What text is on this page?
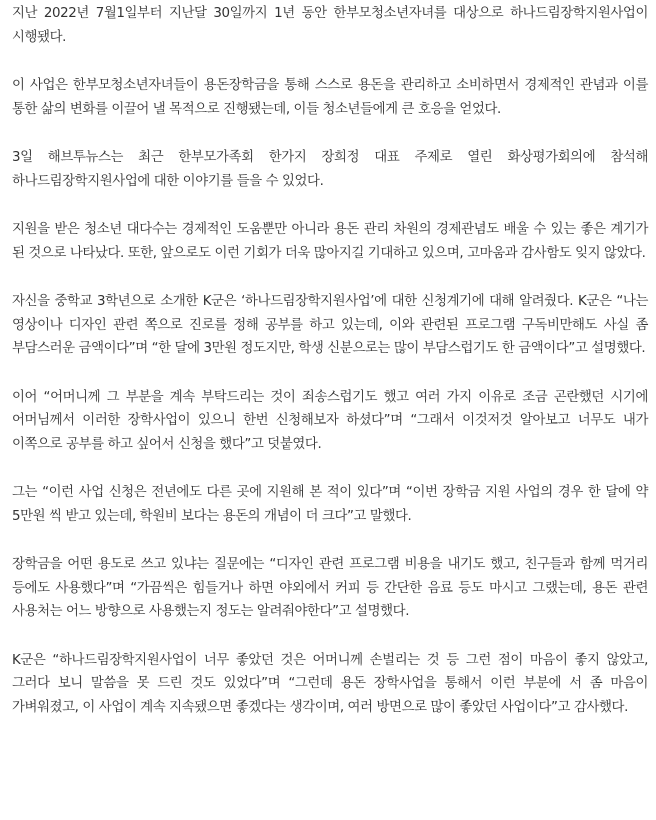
지난 2022년 7월1일부터 지난달 30일까지 1년 동안 한부모청소년자녀를 대상으로 하나드림장학지원사업이 시행됐다.

이 사업은 한부모청소년자녀들이 용돈장학금을 통해 스스로 용돈을 관리하고 소비하면서 경제적인 관념과 이를 통한 삶의 변화를 이끌어 낼 목적으로 진행됐는데, 이들 청소년들에게 큰 호응을 얻었다.

3일 해브투뉴스는 최근 한부모가족회 한가지 장희정 대표 주제로 열린 화상평가회의에 참석해 하나드림장학지원사업에 대한 이야기를 들을 수 있었다.

지원을 받은 청소년 대다수는 경제적인 도움뿐만 아니라 용돈 관리 차원의 경제관념도 배울 수 있는 좋은 계기가 된 것으로 나타났다. 또한, 앞으로도 이런 기회가 더욱 많아지길 기대하고 있으며, 고마움과 감사함도 잊지 않았다.

자신을 중학교 3학년으로 소개한 K군은 ‘하나드림장학지원사업’에 대한 신청계기에 대해 알려줬다. K군은 “나는 영상이나 디자인 관련 쪽으로 진로를 정해 공부를 하고 있는데, 이와 관련된 프로그램 구독비만해도 사실 좀 부담스러운 금액이다”며 “한 달에 3만원 정도지만, 학생 신분으로는 많이 부담스럽기도 한 금액이다”고 설명했다.

이어 “어머니께 그 부분을 계속 부탁드리는 것이 죄송스럽기도 했고 여러 가지 이유로 조금 곤란했던 시기에 어머님께서 이러한 장학사업이 있으니 한번 신청해보자 하셨다”며 “그래서 이것저것 알아보고 너무도 내가 이쪽으로 공부를 하고 싶어서 신청을 했다”고 덧붙였다.

그는 “이런 사업 신청은 전년에도 다른 곳에 지원해 본 적이 있다”며 “이번 장학금 지원 사업의 경우 한 달에 약 5만원 씩 받고 있는데, 학원비 보다는 용돈의 개념이 더 크다”고 말했다.

장학금을 어떤 용도로 쓰고 있냐는 질문에는 “디자인 관련 프로그램 비용을 내기도 했고, 친구들과 함께 먹거리 등에도 사용했다”며 “가끔씩은 힘들거나 하면 야외에서 커피 등 간단한 음료 등도 마시고 그랬는데, 용돈 관련 사용처는 어느 방향으로 사용했는지 정도는 알려줘야한다”고 설명했다.

K군은 “하나드림장학지원사업이 너무 좋았던 것은 어머니께 손벌리는 것 등 그런 점이 마음이 좋지 않았고, 그러다 보니 말씀을 못 드린 것도 있었다”며 “그런데 용돈 장학사업을 통해서 이런 부분에 서 좀 마음이 가벼워졌고, 이 사업이 계속 지속됐으면 좋겠다는 생각이며, 여러 방면으로 많이 좋았던 사업이다”고 감사했다.
